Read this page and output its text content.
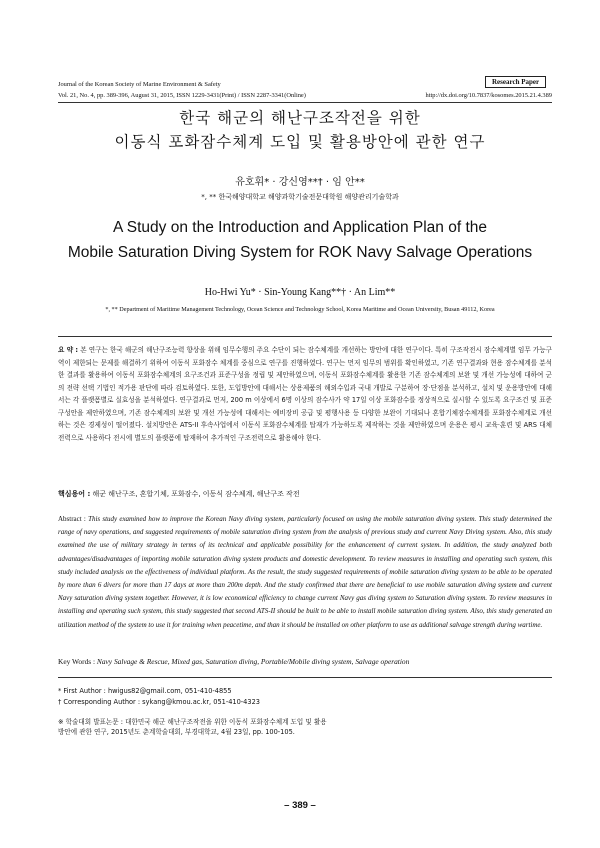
Journal of the Korean Society of Marine Environment & Safety	Research Paper
Vol. 21, No. 4, pp. 389-396, August 31, 2015, ISSN 1229-3431(Print) / ISSN 2287-3341(Online)	http://dx.doi.org/10.7837/kosomes.2015.21.4.389
한국 해군의 해난구조작전을 위한
이동식 포화잠수체계 도입 및 활용방안에 관한 연구
유호휘* · 강신영**† · 임 안**
*, ** 한국해양대학교 해양과학기술전문대학원 해양관리기술학과
A Study on the Introduction and Application Plan of the
Mobile Saturation Diving System for ROK Navy Salvage Operations
Ho-Hwi Yu* · Sin-Young Kang**† · An Lim**
*, ** Department of Maritime Management Technology, Ocean Science and Technology School, Korea Maritime and Ocean University, Busan 49112, Korea
요 약 : 본 연구는 한국 해군의 해난구조능력 향상을 위해 임무수행의 주요 수단이 되는 잠수체계를 개선하는 방안에 대한 연구이다. 특히 구조작전시 잠수체계별 임무 가능구역이 제한되는 문제를 해결하기 위하여 이동식 포화잠수 체계를 중심으로 연구를 진행하였다. 연구는 먼저 임무의 범위를 확인하였고, 기존 연구결과와 현용 잠수체계를 분석한 결과를 활용하여 이동식 포화잠수체계의 요구조건과 표준구성을 정립 및 제안하였으며, 이동식 포화잠수체계를 활용한 기존 잠수체계의 보완 및 개선 가능성에 대하여 군의 전략 선택 기법인 적가용 판단에 따라 검토하였다. 또한, 도입방안에 대해서는 상용제품의 해외수입과 국내 개발로 구분하여 장·단점을 분석하고, 설치 및 운용방안에 대해서는 각 플랫폼별로 실효성을 분석하였다. 연구결과로 먼저, 200 m 이상에서 6명 이상의 잠수사가 약 17일 이상 포화잠수를 정상적으로 실시할 수 있도록 요구조건 및 표준구성안을 제안하였으며, 기존 잠수체계의 보완 및 개선 가능성에 대해서는 예비장비 공급 및 평행사용 등 다양한 보완이 기대되나 혼합기체잠수체계를 포화잠수체계로 개선하는 것은 경제성이 떨어졌다. 설치방안은 ATS-II 후속사업에서 이동식 포화잠수체계를 탑재가 가능하도록 제작하는 것을 제안하였으며 운용은 평시 교육·훈련 및 ARS 대체전력으로 사용하다 전시에 별도의 플랫폼에 탑재하여 추가적인 구조전력으로 활용해야 한다.
핵심용어 : 해군 해난구조, 혼합기체, 포화잠수, 이동식 잠수체계, 해난구조 작전
Abstract : This study examined how to improve the Korean Navy diving system, particularly focused on using the mobile saturation diving system. This study determined the range of navy operations, and suggested requirements of mobile saturation diving system from the analysis of previous study and current Navy Diving system. Also, this study examined the use of military strategy in terms of its technical and applicable possibility for the enhancement of current system. In addition, the study analyzed both advantages/disadvantages of importing mobile saturation diving system products and domestic development. To review measures in installing and operating such system, this study included analysis on the effectiveness of individual platform. As the result, the study suggested requirements of mobile saturation diving system to be able to be operated by more than 6 divers for more than 17 days at more than 200m depth. And the study confirmed that there are beneficial to use mobile saturation diving system and current Navy saturation diving system together. However, it is low economical efficiency to change current Navy gas diving system to Saturation diving system. To review measures in installing and operating such system, this study suggested that second ATS-II should be built to be able to install mobile saturation diving system. Also, this study generated an utilization method of the system to use it for training when peacetime, and than it should be installed on other platform to use as additional salvage strength during wartime.
Key Words : Navy Salvage & Rescue, Mixed gas, Saturation diving, Portable/Mobile diving system, Salvage operation
* First Author : hwigus82@gmail.com, 051-410-4855
† Corresponding Author : sykang@kmou.ac.kr, 051-410-4323
※ 학술대회 발표논문 : 대한민국 해군 해난구조작전을 위한 이동식 포화잠수체계 도입 및 활용방안에 관한 연구, 2015년도 춘계학술대회, 부경대학교, 4월 23일, pp. 100-105.
– 389 –
